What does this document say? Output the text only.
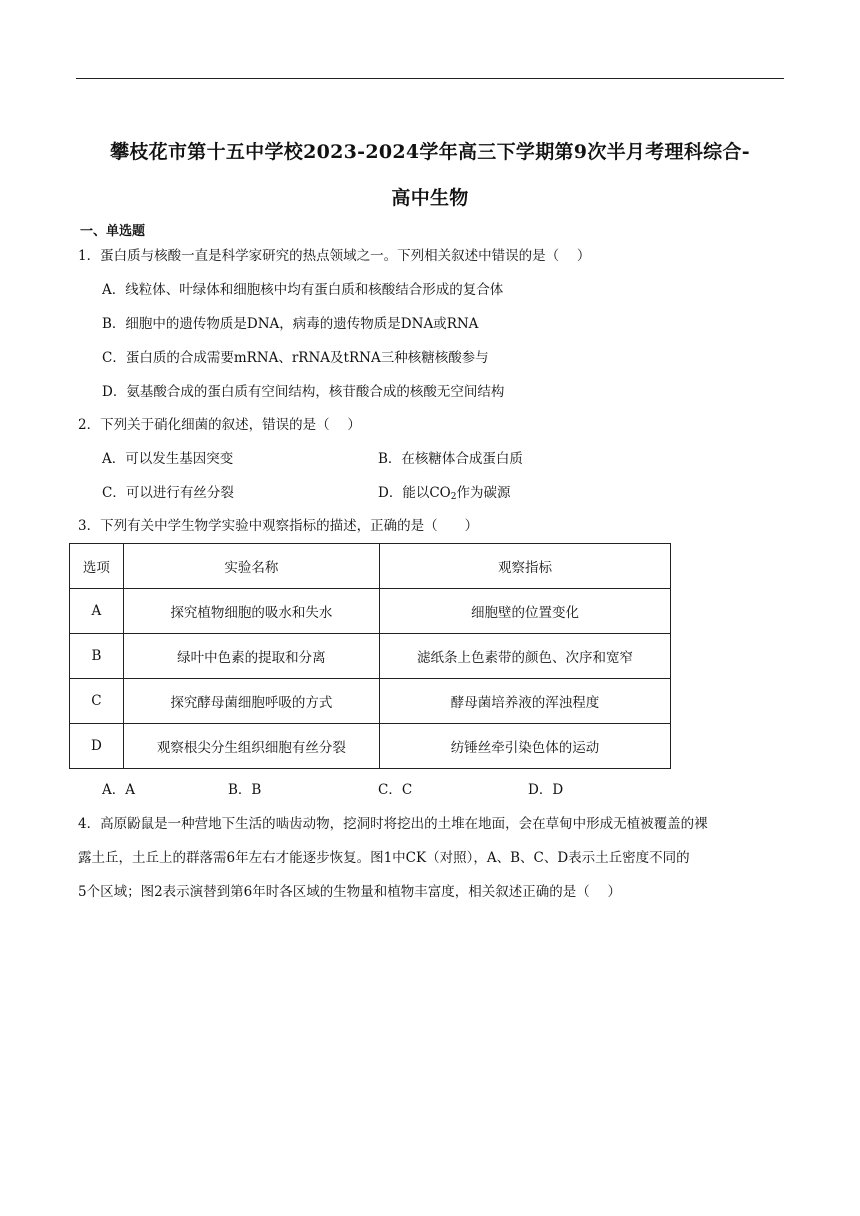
攀枝花市第十五中学校2023-2024学年高三下学期第9次半月考理科综合-
高中生物
一、单选题
1．蛋白质与核酸一直是科学家研究的热点领域之一。下列相关叙述中错误的是（　 ）
A．线粒体、叶绿体和细胞核中均有蛋白质和核酸结合形成的复合体
B．细胞中的遗传物质是DNA，病毒的遗传物质是DNA或RNA
C．蛋白质的合成需要mRNA、rRNA及tRNA三种核糖核酸参与
D．氨基酸合成的蛋白质有空间结构，核苷酸合成的核酸无空间结构
2．下列关于硝化细菌的叙述，错误的是（　 ）
A．可以发生基因突变	B．在核糖体合成蛋白质
C．可以进行有丝分裂	D．能以$CO_2$作为碳源
3．下列有关中学生物学实验中观察指标的描述，正确的是（　　）
选项	实验名称	观察指标
A	探究植物细胞的吸水和失水	细胞壁的位置变化
B	绿叶中色素的提取和分离	滤纸条上色素带的颜色、次序和宽窄
C	探究酵母菌细胞呼吸的方式	酵母菌培养液的浑浊程度
D	观察根尖分生组织细胞有丝分裂	纺锤丝牵引染色体的运动
A．A	B．B	C．C	D．D
4．高原鼢鼠是一种营地下生活的啮齿动物，挖洞时将挖出的土堆在地面，会在草甸中形成无植被覆盖的裸
露土丘，土丘上的群落需6年左右才能逐步恢复。图1中CK（对照），A、B、C、D表示土丘密度不同的
5个区域；图2表示演替到第6年时各区域的生物量和植物丰富度，相关叙述正确的是（　 ）
